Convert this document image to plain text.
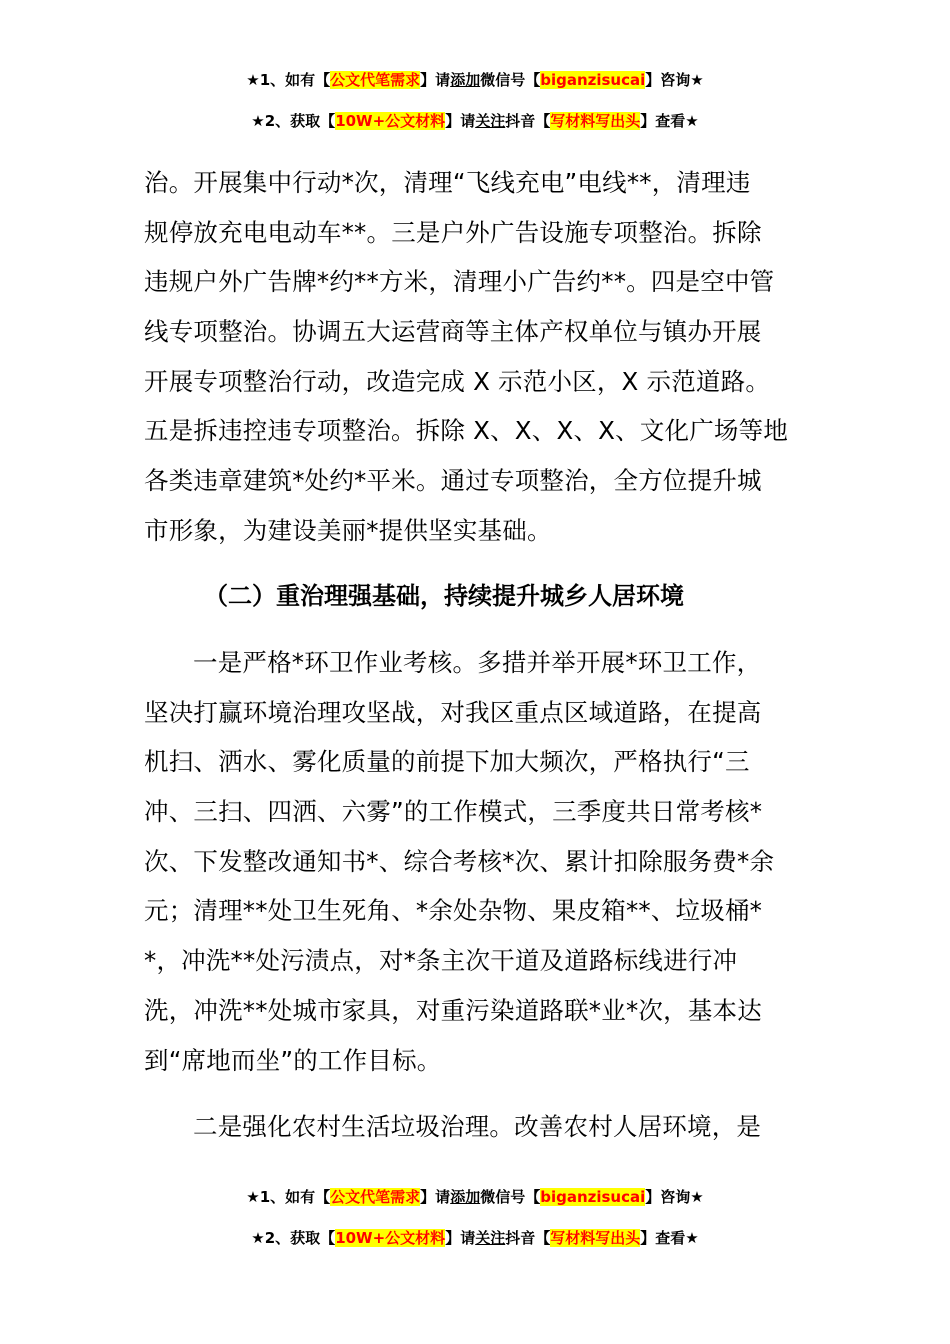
★1、如有【公文代笔需求】请添加微信号【biganzisucai】咨询★
★2、获取【10W+公文材料】请关注抖音【写材料写出头】查看★
治。开展集中行动*次，清理“飞线充电”电线**，清理违
规停放充电电动车**。三是户外广告设施专项整治。拆除
违规户外广告牌*约**方米，清理小广告约**。四是空中管
线专项整治。协调五大运营商等主体产权单位与镇办开展
开展专项整治行动，改造完成 X 示范小区，X 示范道路。
五是拆违控违专项整治。拆除 X、X、X、X、文化广场等地
各类违章建筑*处约*平米。通过专项整治，全方位提升城
市形象，为建设美丽*提供坚实基础。
（二）重治理强基础，持续提升城乡人居环境
一是严格*环卫作业考核。多措并举开展*环卫工作，
坚决打赢环境治理攻坚战，对我区重点区域道路，在提高
机扫、洒水、雾化质量的前提下加大频次，严格执行“三
冲、三扫、四洒、六雾”的工作模式，三季度共日常考核*
次、下发整改通知书*、综合考核*次、累计扣除服务费*余
元；清理**处卫生死角、*余处杂物、果皮箱**、垃圾桶*
*，冲洗**处污渍点，对*条主次干道及道路标线进行冲
洗，冲洗**处城市家具，对重污染道路联*业*次，基本达
到“席地而坐”的工作目标。
二是强化农村生活垃圾治理。改善农村人居环境，是
★1、如有【公文代笔需求】请添加微信号【biganzisucai】咨询★
★2、获取【10W+公文材料】请关注抖音【写材料写出头】查看★
